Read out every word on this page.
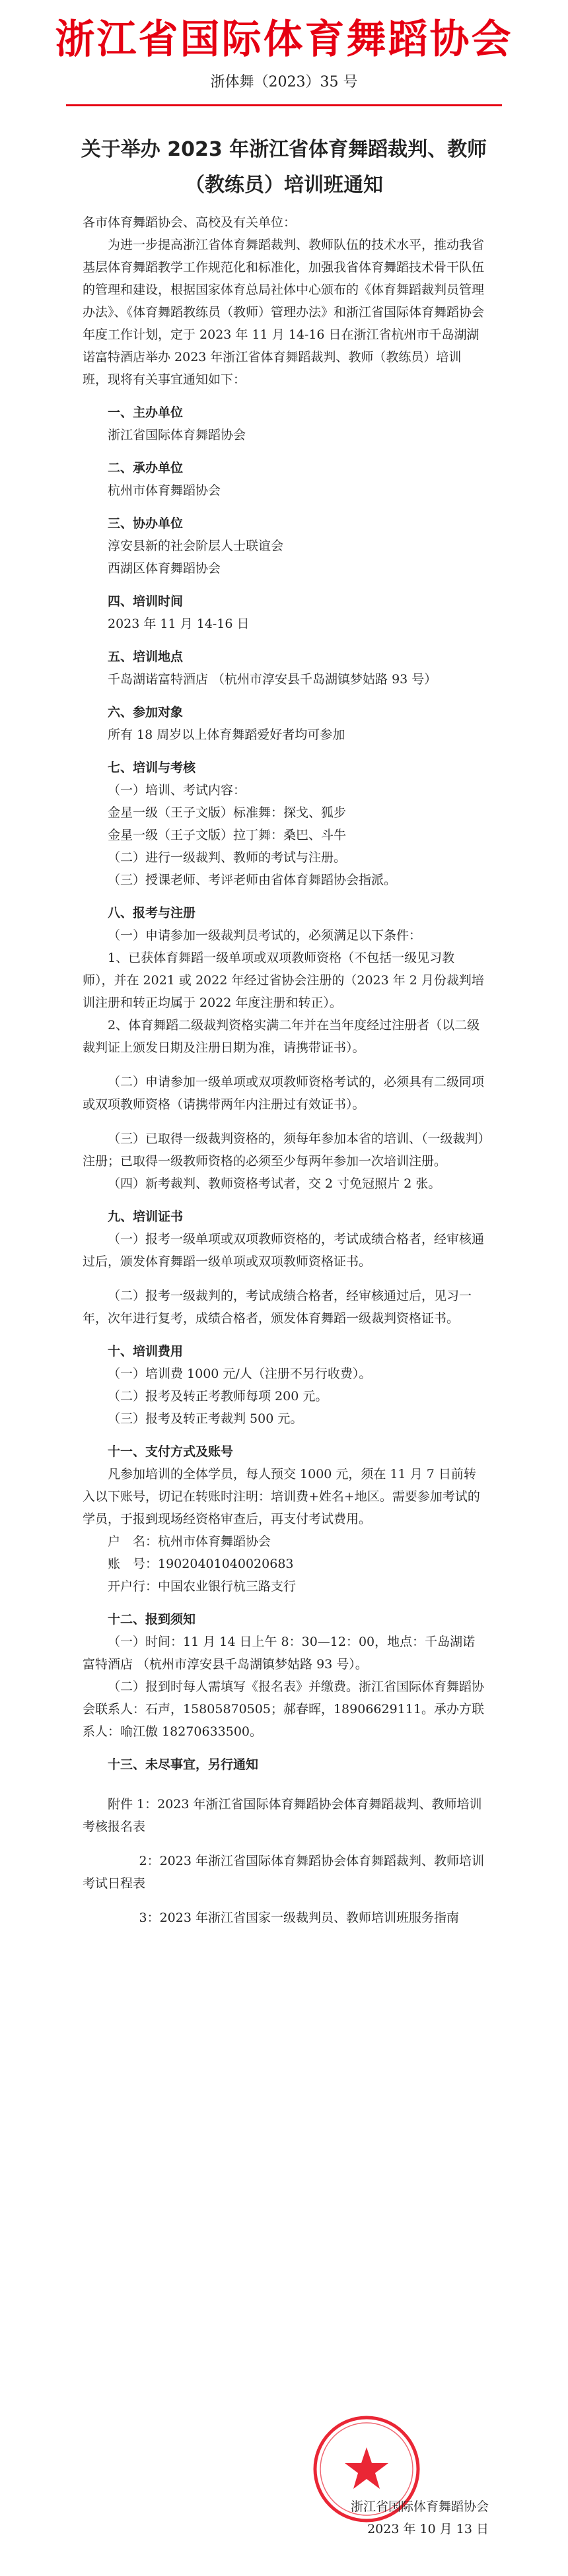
浙江省国际体育舞蹈协会
浙体舞（2023）35 号
关于举办 2023 年浙江省体育舞蹈裁判、教师（教练员）培训班通知

各市体育舞蹈协会、高校及有关单位：

为进一步提高浙江省体育舞蹈裁判、教师队伍的技术水平，推动我省基层体育舞蹈教学工作规范化和标准化，加强我省体育舞蹈技术骨干队伍的管理和建设，根据国家体育总局社体中心颁布的《体育舞蹈裁判员管理办法》、《体育舞蹈教练员（教师）管理办法》和浙江省国际体育舞蹈协会年度工作计划，定于 2023 年 11 月 14-16 日在浙江省杭州市千岛湖湖诺富特酒店举办 2023 年浙江省体育舞蹈裁判、教师（教练员）培训班，现将有关事宜通知如下：

一、主办单位

浙江省国际体育舞蹈协会

二、承办单位

杭州市体育舞蹈协会

三、协办单位

淳安县新的社会阶层人士联谊会

西湖区体育舞蹈协会

四、培训时间

2023 年 11 月 14-16 日

五、培训地点

千岛湖诺富特酒店 （杭州市淳安县千岛湖镇梦姑路 93 号）

六、参加对象

所有 18 周岁以上体育舞蹈爱好者均可参加

七、培训与考核

（一）培训、考试内容：

金星一级（王子文版）标准舞：探戈、狐步

金星一级（王子文版）拉丁舞：桑巴、斗牛

（二）进行一级裁判、教师的考试与注册。

（三）授课老师、考评老师由省体育舞蹈协会指派。

八、报考与注册

（一）申请参加一级裁判员考试的，必须满足以下条件：

1、已获体育舞蹈一级单项或双项教师资格（不包括一级见习教师），并在 2021 或 2022 年经过省协会注册的（2023 年 2 月份裁判培训注册和转正均属于 2022 年度注册和转正）。

2、体育舞蹈二级裁判资格实满二年并在当年度经过注册者（以二级裁判证上颁发日期及注册日期为准，请携带证书）。

（二）申请参加一级单项或双项教师资格考试的，必须具有二级同项或双项教师资格（请携带两年内注册过有效证书）。

（三）已取得一级裁判资格的，须每年参加本省的培训、（一级裁判）注册；已取得一级教师资格的必须至少每两年参加一次培训注册。

（四）新考裁判、教师资格考试者，交 2 寸免冠照片 2 张。

九、培训证书

（一）报考一级单项或双项教师资格的，考试成绩合格者，经审核通过后，颁发体育舞蹈一级单项或双项教师资格证书。

（二）报考一级裁判的，考试成绩合格者，经审核通过后，见习一年，次年进行复考，成绩合格者，颁发体育舞蹈一级裁判资格证书。

十、培训费用

（一）培训费 1000 元/人（注册不另行收费）。

（二）报考及转正考教师每项 200 元。

（三）报考及转正考裁判 500 元。

十一、支付方式及账号

凡参加培训的全体学员，每人预交 1000 元，须在 11 月 7 日前转入以下账号，切记在转账时注明：培训费+姓名+地区。需要参加考试的学员，于报到现场经资格审查后，再支付考试费用。

户　名：杭州市体育舞蹈协会

账　号：19020401040020683

开户行：中国农业银行杭三路支行

十二、报到须知

（一）时间：11 月 14 日上午 8：30—12：00，地点：千岛湖诺富特酒店 （杭州市淳安县千岛湖镇梦姑路 93 号）。

（二）报到时每人需填写《报名表》并缴费。浙江省国际体育舞蹈协会联系人：石声，15805870505；郝春晖，18906629111。承办方联系人：喻江傲 18270633500。

十三、未尽事宜，另行通知

附件 1：2023 年浙江省国际体育舞蹈协会体育舞蹈裁判、教师培训考核报名表

2：2023 年浙江省国际体育舞蹈协会体育舞蹈裁判、教师培训考试日程表

3：2023 年浙江省国家一级裁判员、教师培训班服务指南

浙江省国际体育舞蹈协会

2023 年 10 月 13 日
